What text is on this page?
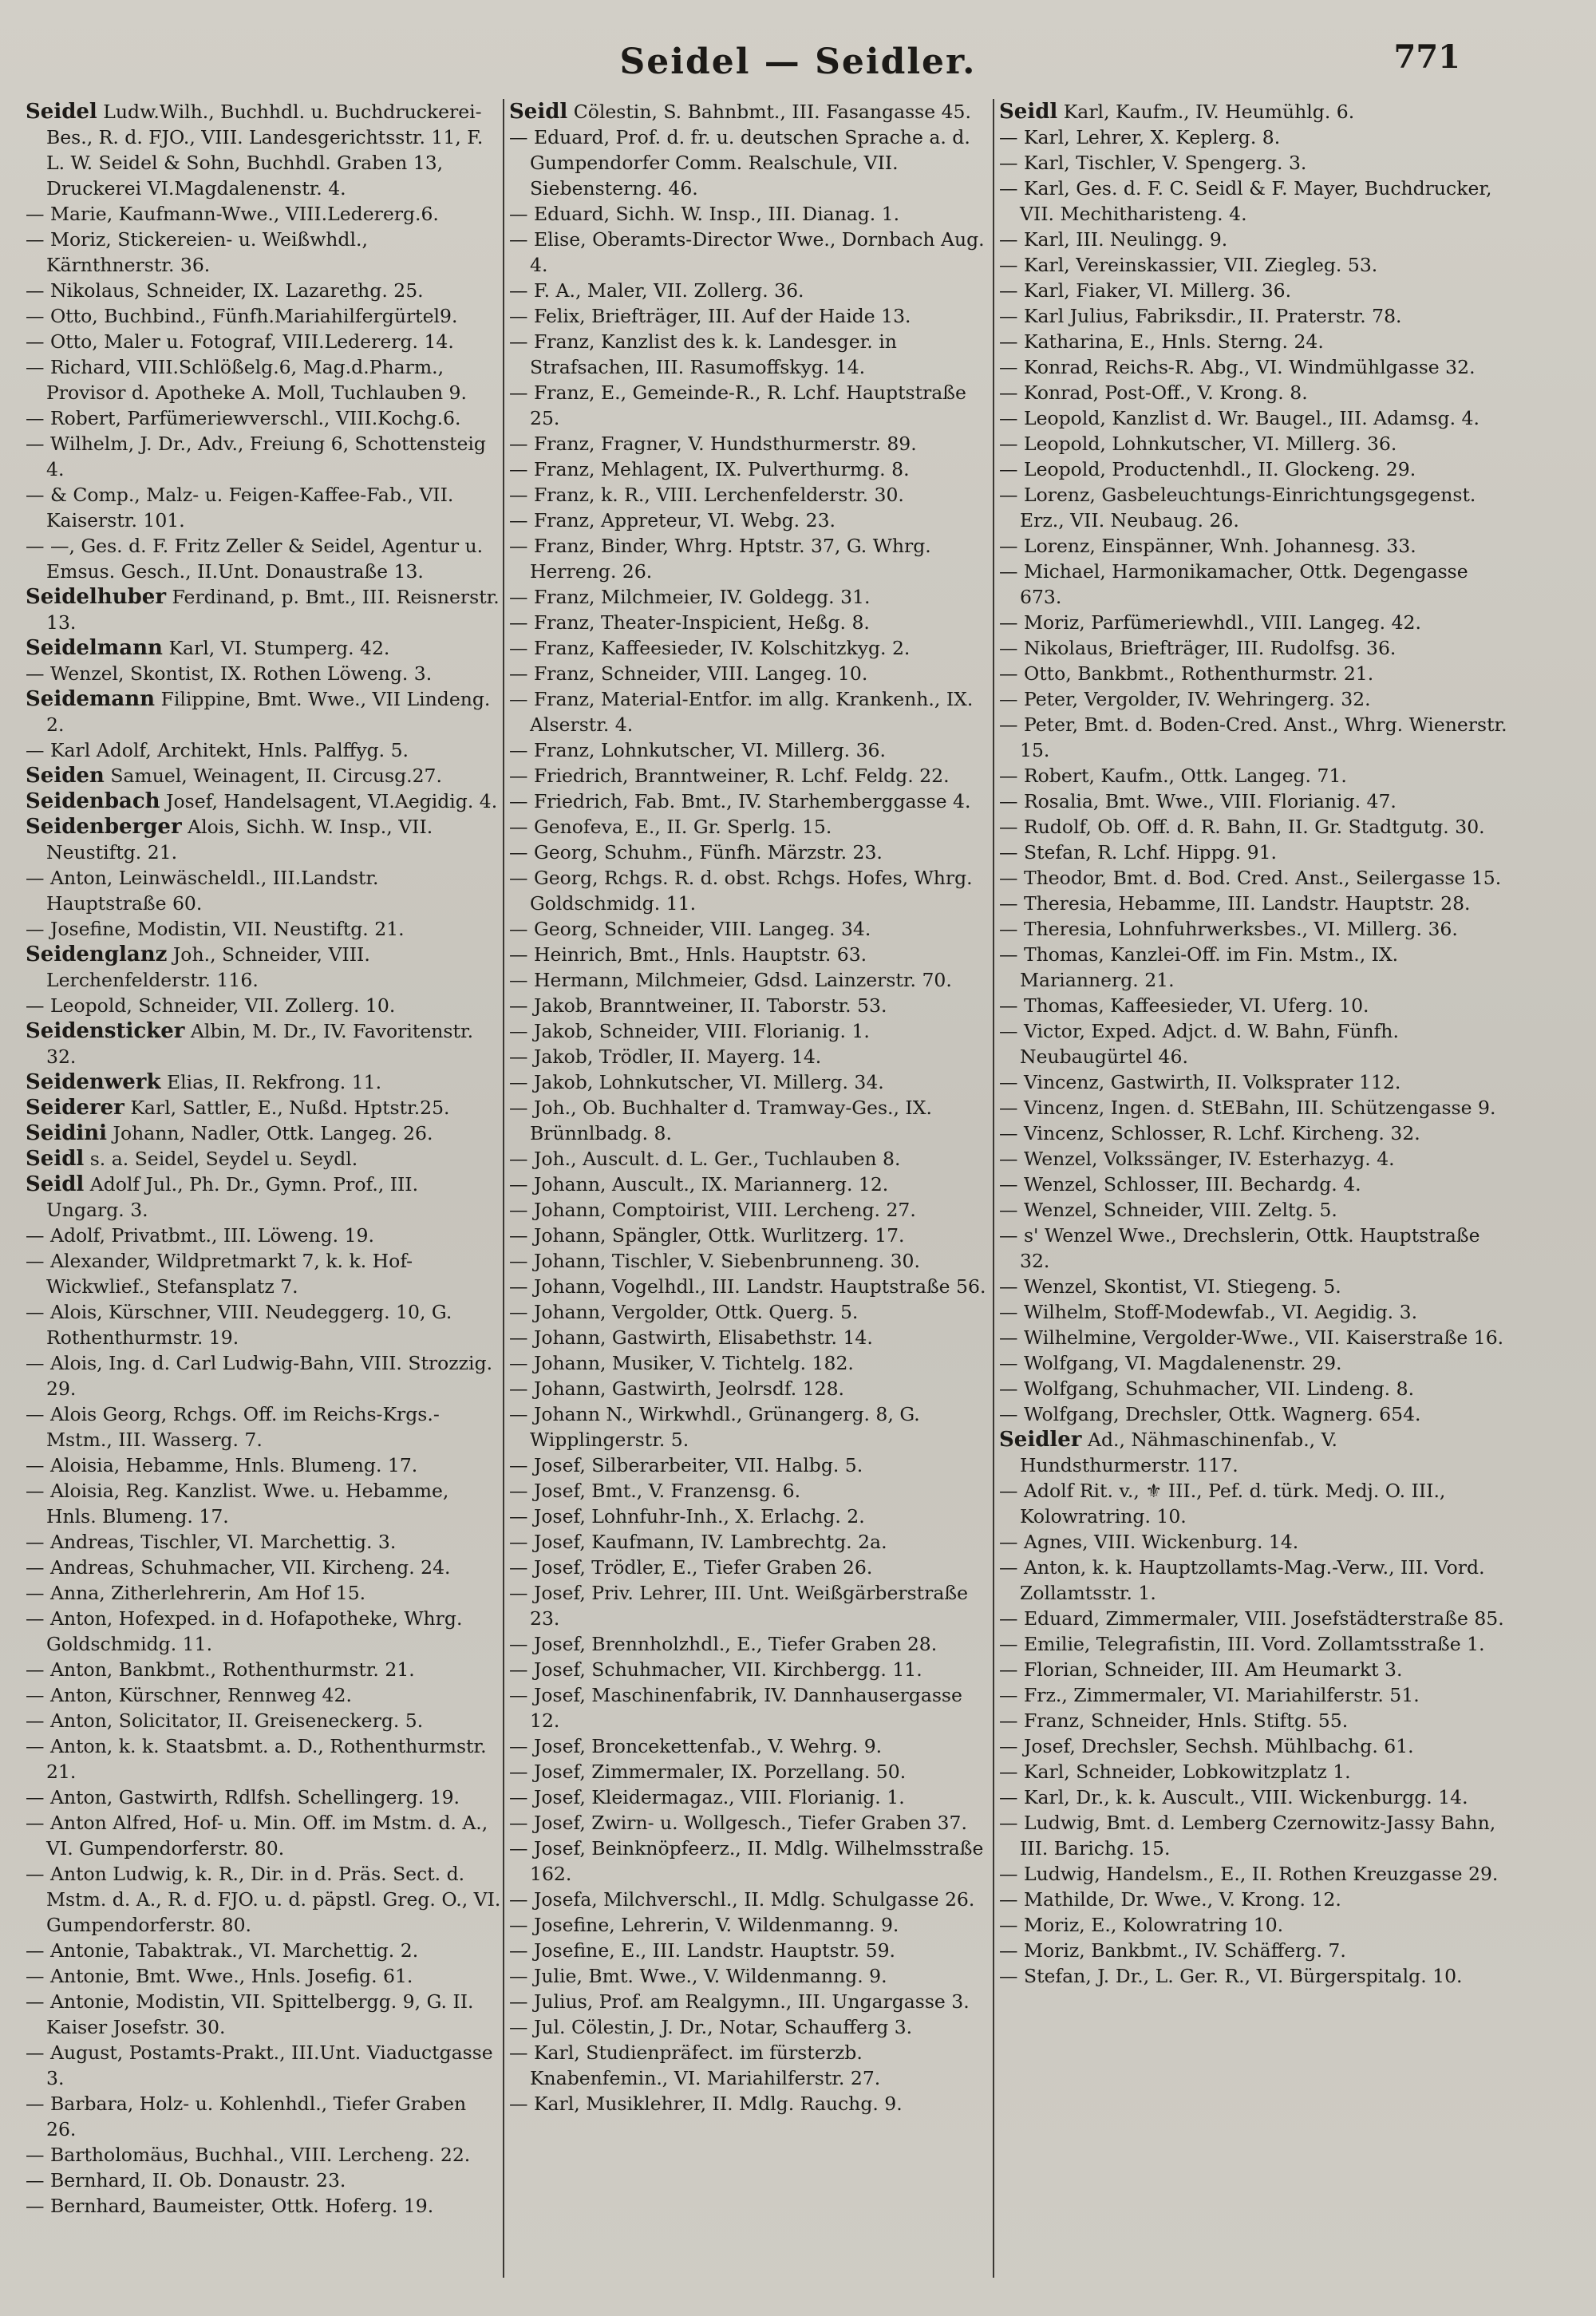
Seidel — Seidler.	771

Seidel Ludw.Wilh., Buchhdl. u. Buchdruckerei-Bes., R. d. FJO., VIII. Landesgerichtsstr. 11, F. L. W. Seidel & Sohn, Buchhdl. Graben 13, Druckerei VI.Magdalenenstr. 4.

— Marie, Kaufmann-Wwe., VIII.Ledererg.6.

— Moriz, Stickereien- u. Weißwhdl., Kärnthnerstr. 36.

— Nikolaus, Schneider, IX. Lazarethg. 25.

— Otto, Buchbind., Fünfh.Mariahilfergürtel9.

— Otto, Maler u. Fotograf, VIII.Ledererg. 14.

— Richard, VIII.Schlößelg.6, Mag.d.Pharm., Provisor d. Apotheke A. Moll, Tuchlauben 9.

— Robert, Parfümeriewverschl., VIII.Kochg.6.

— Wilhelm, J. Dr., Adv., Freiung 6, Schottensteig 4.

— & Comp., Malz- u. Feigen-Kaffee-Fab., VII. Kaiserstr. 101.

— —, Ges. d. F. Fritz Zeller & Seidel, Agentur u. Emsus. Gesch., II.Unt. Donaustraße 13.

Seidelhuber Ferdinand, p. Bmt., III. Reisnerstr. 13.

Seidelmann Karl, VI. Stumperg. 42.

— Wenzel, Skontist, IX. Rothen Löweng. 3.

Seidemann Filippine, Bmt. Wwe., VII Lindeng. 2.

— Karl Adolf, Architekt, Hnls. Palffyg. 5.

Seiden Samuel, Weinagent, II. Circusg.27.

Seidenbach Josef, Handelsagent, VI.Aegidig. 4.

Seidenberger Alois, Sichh. W. Insp., VII. Neustiftg. 21.

— Anton, Leinwäscheldl., III.Landstr. Hauptstraße 60.

— Josefine, Modistin, VII. Neustiftg. 21.

Seidenglanz Joh., Schneider, VIII. Lerchenfelderstr. 116.

— Leopold, Schneider, VII. Zollerg. 10.

Seidensticker Albin, M. Dr., IV. Favoritenstr. 32.

Seidenwerk Elias, II. Rekfrong. 11.

Seiderer Karl, Sattler, E., Nußd. Hptstr.25.

Seidini Johann, Nadler, Ottk. Langeg. 26.

Seidl s. a. Seidel, Seydel u. Seydl.

Seidl Adolf Jul., Ph. Dr., Gymn. Prof., III. Ungarg. 3.

— Adolf, Privatbmt., III. Löweng. 19.

— Alexander, Wildpretmarkt 7, k. k. Hof-Wickwlief., Stefansplatz 7.

— Alois, Kürschner, VIII. Neudeggerg. 10, G. Rothenthurmstr. 19.

— Alois, Ing. d. Carl Ludwig-Bahn, VIII. Strozzig. 29.

— Alois Georg, Rchgs. Off. im Reichs-Krgs.-Mstm., III. Wasserg. 7.

— Aloisia, Hebamme, Hnls. Blumeng. 17.

— Aloisia, Reg. Kanzlist. Wwe. u. Hebamme, Hnls. Blumeng. 17.

— Andreas, Tischler, VI. Marchettig. 3.

— Andreas, Schuhmacher, VII. Kircheng. 24.

— Anna, Zitherlehrerin, Am Hof 15.

— Anton, Hofexped. in d. Hofapotheke, Whrg. Goldschmidg. 11.

— Anton, Bankbmt., Rothenthurmstr. 21.

— Anton, Kürschner, Rennweg 42.

— Anton, Solicitator, II. Greiseneckerg. 5.

— Anton, k. k. Staatsbmt. a. D., Rothenthurmstr. 21.

— Anton, Gastwirth, Rdlfsh. Schellingerg. 19.

— Anton Alfred, Hof- u. Min. Off. im Mstm. d. A., VI. Gumpendorferstr. 80.

— Anton Ludwig, k. R., Dir. in d. Präs. Sect. d. Mstm. d. A., R. d. FJO. u. d. päpstl. Greg. O., VI. Gumpendorferstr. 80.

— Antonie, Tabaktrak., VI. Marchettig. 2.

— Antonie, Bmt. Wwe., Hnls. Josefig. 61.

— Antonie, Modistin, VII. Spittelbergg. 9, G. II. Kaiser Josefstr. 30.

— August, Postamts-Prakt., III.Unt. Viaductgasse 3.

— Barbara, Holz- u. Kohlenhdl., Tiefer Graben 26.

— Bartholomäus, Buchhal., VIII. Lercheng. 22.

— Bernhard, II. Ob. Donaustr. 23.

— Bernhard, Baumeister, Ottk. Hoferg. 19.

Seidl Cölestin, S. Bahnbmt., III. Fasangasse 45.

— Eduard, Prof. d. fr. u. deutschen Sprache a. d. Gumpendorfer Comm. Realschule, VII. Siebensterng. 46.

— Eduard, Sichh. W. Insp., III. Dianag. 1.

— Elise, Oberamts-Director Wwe., Dornbach Aug. 4.

— F. A., Maler, VII. Zollerg. 36.

— Felix, Briefträger, III. Auf der Haide 13.

— Franz, Kanzlist des k. k. Landesger. in Strafsachen, III. Rasumoffskyg. 14.

— Franz, E., Gemeinde-R., R. Lchf. Hauptstraße 25.

— Franz, Fragner, V. Hundsthurmerstr. 89.

— Franz, Mehlagent, IX. Pulverthurmg. 8.

— Franz, k. R., VIII. Lerchenfelderstr. 30.

— Franz, Appreteur, VI. Webg. 23.

— Franz, Binder, Whrg. Hptstr. 37, G. Whrg. Herreng. 26.

— Franz, Milchmeier, IV. Goldegg. 31.

— Franz, Theater-Inspicient, Heßg. 8.

— Franz, Kaffeesieder, IV. Kolschitzkyg. 2.

— Franz, Schneider, VIII. Langeg. 10.

— Franz, Material-Entfor. im allg. Krankenh., IX. Alserstr. 4.

— Franz, Lohnkutscher, VI. Millerg. 36.

— Friedrich, Branntweiner, R. Lchf. Feldg. 22.

— Friedrich, Fab. Bmt., IV. Starhemberggasse 4.

— Genofeva, E., II. Gr. Sperlg. 15.

— Georg, Schuhm., Fünfh. Märzstr. 23.

— Georg, Rchgs. R. d. obst. Rchgs. Hofes, Whrg. Goldschmidg. 11.

— Georg, Schneider, VIII. Langeg. 34.

— Heinrich, Bmt., Hnls. Hauptstr. 63.

— Hermann, Milchmeier, Gdsd. Lainzerstr. 70.

— Jakob, Branntweiner, II. Taborstr. 53.

— Jakob, Schneider, VIII. Florianig. 1.

— Jakob, Trödler, II. Mayerg. 14.

— Jakob, Lohnkutscher, VI. Millerg. 34.

— Joh., Ob. Buchhalter d. Tramway-Ges., IX. Brünnlbadg. 8.

— Joh., Auscult. d. L. Ger., Tuchlauben 8.

— Johann, Auscult., IX. Mariannerg. 12.

— Johann, Comptoirist, VIII. Lercheng. 27.

— Johann, Spängler, Ottk. Wurlitzerg. 17.

— Johann, Tischler, V. Siebenbrunneng. 30.

— Johann, Vogelhdl., III. Landstr. Hauptstraße 56.

— Johann, Vergolder, Ottk. Querg. 5.

— Johann, Gastwirth, Elisabethstr. 14.

— Johann, Musiker, V. Tichtelg. 182.

— Johann, Gastwirth, Jeolrsdf. 128.

— Johann N., Wirkwhdl., Grünangerg. 8, G. Wipplingerstr. 5.

— Josef, Silberarbeiter, VII. Halbg. 5.

— Josef, Bmt., V. Franzensg. 6.

— Josef, Lohnfuhr-Inh., X. Erlachg. 2.

— Josef, Kaufmann, IV. Lambrechtg. 2a.

— Josef, Trödler, E., Tiefer Graben 26.

— Josef, Priv. Lehrer, III. Unt. Weißgärberstraße 23.

— Josef, Brennholzhdl., E., Tiefer Graben 28.

— Josef, Schuhmacher, VII. Kirchbergg. 11.

— Josef, Maschinenfabrik, IV. Dannhausergasse 12.

— Josef, Broncekettenfab., V. Wehrg. 9.

— Josef, Zimmermaler, IX. Porzellang. 50.

— Josef, Kleidermagaz., VIII. Florianig. 1.

— Josef, Zwirn- u. Wollgesch., Tiefer Graben 37.

— Josef, Beinknöpfeerz., II. Mdlg. Wilhelmsstraße 162.

— Josefa, Milchverschl., II. Mdlg. Schulgasse 26.

— Josefine, Lehrerin, V. Wildenmanng. 9.

— Josefine, E., III. Landstr. Hauptstr. 59.

— Julie, Bmt. Wwe., V. Wildenmanng. 9.

— Julius, Prof. am Realgymn., III. Ungargasse 3.

— Jul. Cölestin, J. Dr., Notar, Schaufferg 3.

— Karl, Studienpräfect. im fürsterzb. Knabenfemin., VI. Mariahilferstr. 27.

— Karl, Musiklehrer, II. Mdlg. Rauchg. 9.

Seidl Karl, Kaufm., IV. Heumühlg. 6.

— Karl, Lehrer, X. Keplerg. 8.

— Karl, Tischler, V. Spengerg. 3.

— Karl, Ges. d. F. C. Seidl & F. Mayer, Buchdrucker, VII. Mechitharisteng. 4.

— Karl, III. Neulingg. 9.

— Karl, Vereinskassier, VII. Ziegleg. 53.

— Karl, Fiaker, VI. Millerg. 36.

— Karl Julius, Fabriksdir., II. Praterstr. 78.

— Katharina, E., Hnls. Sterng. 24.

— Konrad, Reichs-R. Abg., VI. Windmühlgasse 32.

— Konrad, Post-Off., V. Krong. 8.

— Leopold, Kanzlist d. Wr. Baugel., III. Adamsg. 4.

— Leopold, Lohnkutscher, VI. Millerg. 36.

— Leopold, Productenhdl., II. Glockeng. 29.

— Lorenz, Gasbeleuchtungs-Einrichtungsgegenst. Erz., VII. Neubaug. 26.

— Lorenz, Einspänner, Wnh. Johannesg. 33.

— Michael, Harmonikamacher, Ottk. Degengasse 673.

— Moriz, Parfümeriewhdl., VIII. Langeg. 42.

— Nikolaus, Briefträger, III. Rudolfsg. 36.

— Otto, Bankbmt., Rothenthurmstr. 21.

— Peter, Vergolder, IV. Wehringerg. 32.

— Peter, Bmt. d. Boden-Cred. Anst., Whrg. Wienerstr. 15.

— Robert, Kaufm., Ottk. Langeg. 71.

— Rosalia, Bmt. Wwe., VIII. Florianig. 47.

— Rudolf, Ob. Off. d. R. Bahn, II. Gr. Stadtgutg. 30.

— Stefan, R. Lchf. Hippg. 91.

— Theodor, Bmt. d. Bod. Cred. Anst., Seilergasse 15.

— Theresia, Hebamme, III. Landstr. Hauptstr. 28.

— Theresia, Lohnfuhrwerksbes., VI. Millerg. 36.

— Thomas, Kanzlei-Off. im Fin. Mstm., IX. Mariannerg. 21.

— Thomas, Kaffeesieder, VI. Uferg. 10.

— Victor, Exped. Adjct. d. W. Bahn, Fünfh. Neubaugürtel 46.

— Vincenz, Gastwirth, II. Volksprater 112.

— Vincenz, Ingen. d. StEBahn, III. Schützengasse 9.

— Vincenz, Schlosser, R. Lchf. Kircheng. 32.

— Wenzel, Volkssänger, IV. Esterhazyg. 4.

— Wenzel, Schlosser, III. Bechardg. 4.

— Wenzel, Schneider, VIII. Zeltg. 5.

— s' Wenzel Wwe., Drechslerin, Ottk. Hauptstraße 32.

— Wenzel, Skontist, VI. Stiegeng. 5.

— Wilhelm, Stoff-Modewfab., VI. Aegidig. 3.

— Wilhelmine, Vergolder-Wwe., VII. Kaiserstraße 16.

— Wolfgang, VI. Magdalenenstr. 29.

— Wolfgang, Schuhmacher, VII. Lindeng. 8.

— Wolfgang, Drechsler, Ottk. Wagnerg. 654.

Seidler Ad., Nähmaschinenfab., V. Hundsthurmerstr. 117.

— Adolf Rit. v., ⚜ III., Pef. d. türk. Medj. O. III., Kolowratring. 10.

— Agnes, VIII. Wickenburg. 14.

— Anton, k. k. Hauptzollamts-Mag.-Verw., III. Vord. Zollamtsstr. 1.

— Eduard, Zimmermaler, VIII. Josefstädterstraße 85.

— Emilie, Telegrafistin, III. Vord. Zollamtsstraße 1.

— Florian, Schneider, III. Am Heumarkt 3.

— Frz., Zimmermaler, VI. Mariahilferstr. 51.

— Franz, Schneider, Hnls. Stiftg. 55.

— Josef, Drechsler, Sechsh. Mühlbachg. 61.

— Karl, Schneider, Lobkowitzplatz 1.

— Karl, Dr., k. k. Auscult., VIII. Wickenburgg. 14.

— Ludwig, Bmt. d. Lemberg Czernowitz-Jassy Bahn, III. Barichg. 15.

— Ludwig, Handelsm., E., II. Rothen Kreuzgasse 29.

— Mathilde, Dr. Wwe., V. Krong. 12.

— Moriz, E., Kolowratring 10.

— Moriz, Bankbmt., IV. Schäfferg. 7.

— Stefan, J. Dr., L. Ger. R., VI. Bürgerspitalg. 10.
